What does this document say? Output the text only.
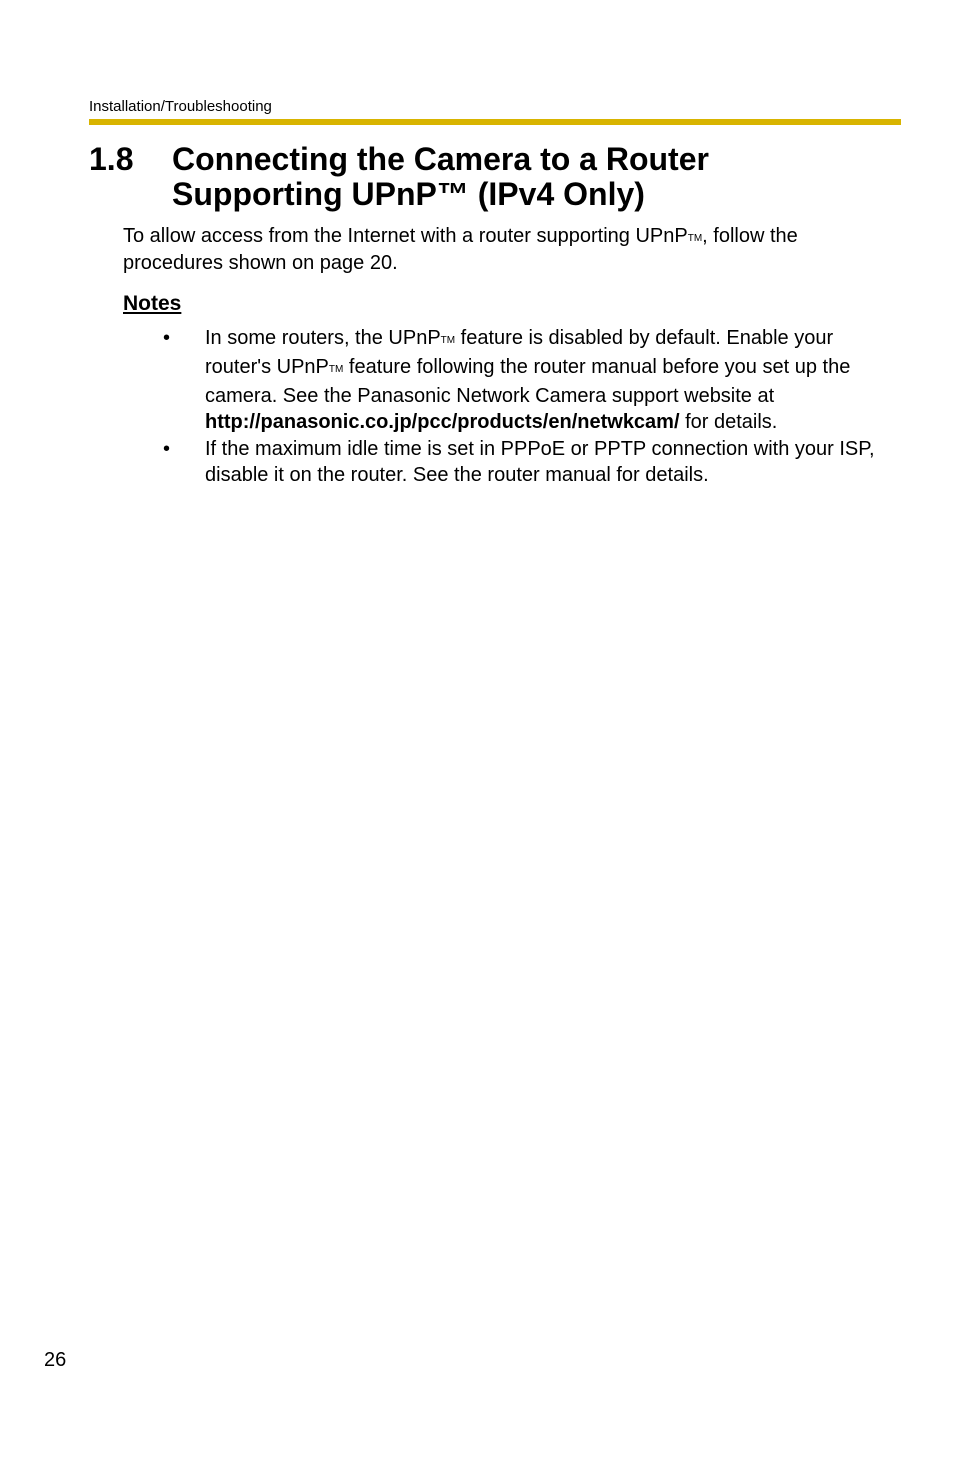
Installation/Troubleshooting
1.8 Connecting the Camera to a Router
Supporting UPnP™ (IPv4 Only)
To allow access from the Internet with a router supporting UPnPTM, follow the procedures shown on page 20.
Notes
•	In some routers, the UPnPTM feature is disabled by default. Enable your router's UPnPTM feature following the router manual before you set up the camera. See the Panasonic Network Camera support website at http://panasonic.co.jp/pcc/products/en/netwkcam/ for details.
•	If the maximum idle time is set in PPPoE or PPTP connection with your ISP, disable it on the router. See the router manual for details.
26
